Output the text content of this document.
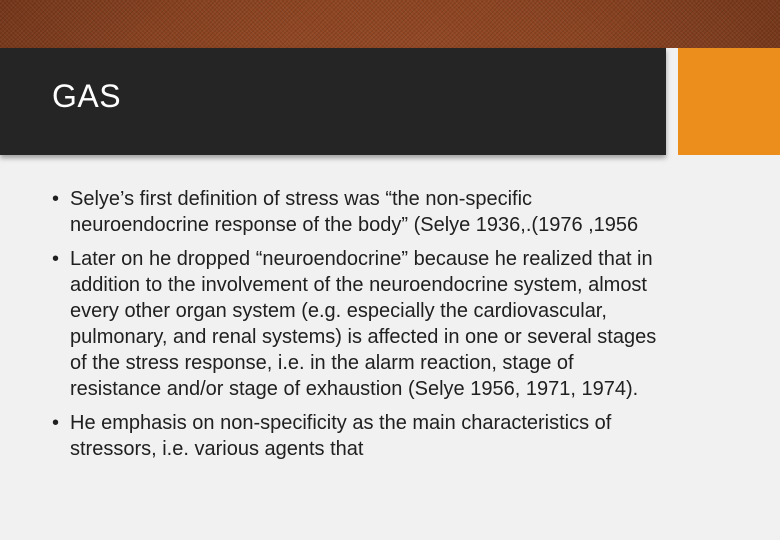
GAS
• Selye’s first definition of stress was “the non-specific neuroendocrine response of the body” (Selye 1936,.(1976 ,1956
• Later on he dropped “neuroendocrine” because he realized that in addition to the involvement of the neuroendocrine system, almost every other organ system (e.g. especially the cardiovascular, pulmonary, and renal systems) is affected in one or several stages of the stress response, i.e. in the alarm reaction, stage of resistance and/or stage of exhaustion (Selye 1956, 1971, 1974).
• He emphasis on non-specificity as the main characteristics of stressors, i.e. various agents that
